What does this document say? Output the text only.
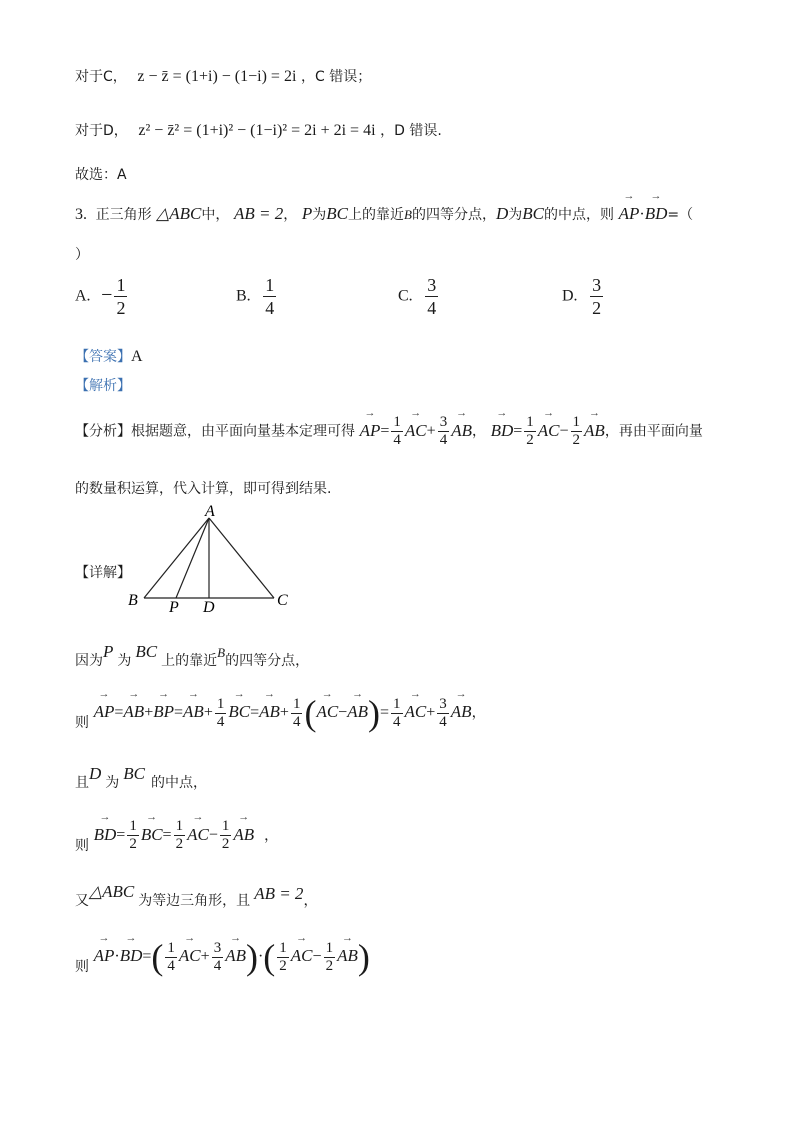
对于C， z − z̄ = (1+i) − (1−i) = 2i ，C 错误；
对于D， z² − z̄² = (1+i)² − (1−i)² = 2i + 2i = 4i ，D 错误.
故选：A
3. 正三角形 △ABC中， AB = 2， P为BC上的靠近B的四等分点，D为BC的中点，则 → AP·→ BD=（
）
A. − $\frac{1}{2}$	B. $\frac{1}{4}$	C. $\frac{3}{4}$	D. $\frac{3}{2}$
【答案】A
【解析】
【分析】根据题意，由平面向量基本定理可得 → $AP= \frac{1}{4}$
→ $AC+ \frac{3}{4}$
→ AB， → $BD= \frac{1}{2}$
→ $AC- \frac{1}{2}$
→ AB，再由平面向量
的数量积运算，代入计算，即可得到结果.
【详解】
A
B	C
P D
因为P 为 BC 上的靠近B的四等分点，
则 → $AP=\to AB+\to BP=\to AB+ \frac{1}{4}$
→ $BC=\to AB+ \frac{1}{4}$ (→ $AC-\to AB)= \frac{1}{4}$
→ $AC+ \frac{3}{4}$
→ AB，
且D 为 BC 的中点，
则 → $BD= \frac{1}{2}$
→ $BC= \frac{1}{2}$
→ $AC- \frac{1}{2}$
→ AB ，
又△ABC 为等边三角形，且 AB = 2，
则 → $AP\cdot\to BD=( \frac{1}{4}$
→ $AC+ \frac{3}{4}$
→ $AB)\cdot( \frac{1}{2}$
→ $AC- \frac{1}{2}$
→ AB)
